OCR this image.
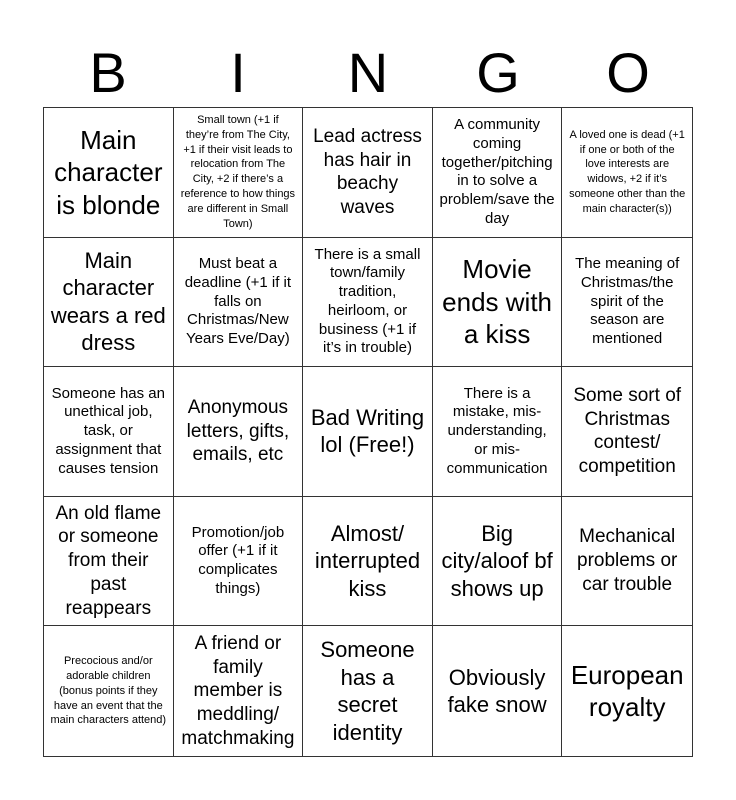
B	I	N	G	O
Main character is blonde
Small town (+1 if they’re from The City, +1 if their visit leads to relocation from The City, +2 if there’s a reference to how things are different in Small Town)
Lead actress has hair in beachy waves
A community coming together/pitching in to solve a problem/save the day
A loved one is dead (+1 if one or both of the love interests are widows, +2 if it’s someone other than the main character(s))
Main character wears a red dress
Must beat a deadline (+1 if it falls on Christmas/New Years Eve/Day)
There is a small town/family tradition, heirloom, or business (+1 if it’s in trouble)
Movie ends with a kiss
The meaning of Christmas/the spirit of the season are mentioned
Someone has an unethical job, task, or assignment that causes tension
Anonymous letters, gifts, emails, etc
Bad Writing lol (Free!)
There is a mistake, mis-understanding, or mis-communication
Some sort of Christmas contest/ competition
An old flame or someone from their past reappears
Promotion/job offer (+1 if it complicates things)
Almost/ interrupted kiss
Big city/aloof bf shows up
Mechanical problems or car trouble
Precocious and/or adorable children (bonus points if they have an event that the main characters attend)
A friend or family member is meddling/ matchmaking
Someone has a secret identity
Obviously fake snow
European royalty
